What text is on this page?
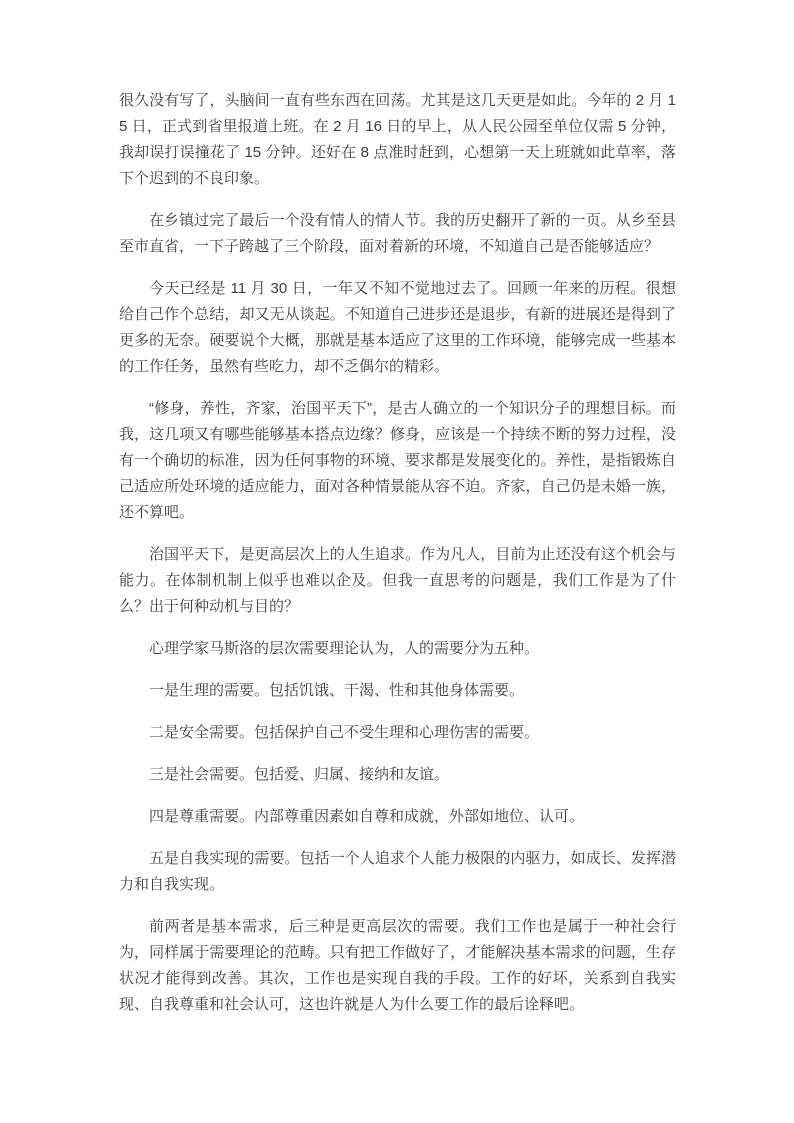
很久没有写了，头脑间一直有些东西在回荡。尤其是这几天更是如此。今年的 2 月 15 日，正式到省里报道上班。在 2 月 16 日的早上，从人民公园至单位仅需 5 分钟，我却误打误撞花了 15 分钟。还好在 8 点准时赶到，心想第一天上班就如此草率，落下个迟到的不良印象。

在乡镇过完了最后一个没有情人的情人节。我的历史翻开了新的一页。从乡至县至市直省，一下子跨越了三个阶段，面对着新的环境，不知道自己是否能够适应？

今天已经是 11 月 30 日，一年又不知不觉地过去了。回顾一年来的历程。很想给自己作个总结，却又无从谈起。不知道自己进步还是退步，有新的进展还是得到了更多的无奈。硬要说个大概，那就是基本适应了这里的工作环境，能够完成一些基本的工作任务，虽然有些吃力，却不乏偶尔的精彩。

“修身，养性，齐家，治国平天下”，是古人确立的一个知识分子的理想目标。而我，这几项又有哪些能够基本搭点边缘？修身，应该是一个持续不断的努力过程，没有一个确切的标准，因为任何事物的环境、要求都是发展变化的。养性，是指锻炼自己适应所处环境的适应能力，面对各种情景能从容不迫。齐家，自己仍是未婚一族，还不算吧。

治国平天下，是更高层次上的人生追求。作为凡人，目前为止还没有这个机会与能力。在体制机制上似乎也难以企及。但我一直思考的问题是，我们工作是为了什么？出于何种动机与目的？

心理学家马斯洛的层次需要理论认为，人的需要分为五种。

一是生理的需要。包括饥饿、干渴、性和其他身体需要。

二是安全需要。包括保护自己不受生理和心理伤害的需要。

三是社会需要。包括爱、归属、接纳和友谊。

四是尊重需要。内部尊重因素如自尊和成就，外部如地位、认可。

五是自我实现的需要。包括一个人追求个人能力极限的内驱力，如成长、发挥潜力和自我实现。

前两者是基本需求，后三种是更高层次的需要。我们工作也是属于一种社会行为，同样属于需要理论的范畴。只有把工作做好了，才能解决基本需求的问题，生存状况才能得到改善。其次，工作也是实现自我的手段。工作的好坏，关系到自我实现、自我尊重和社会认可，这也许就是人为什么要工作的最后诠释吧。
